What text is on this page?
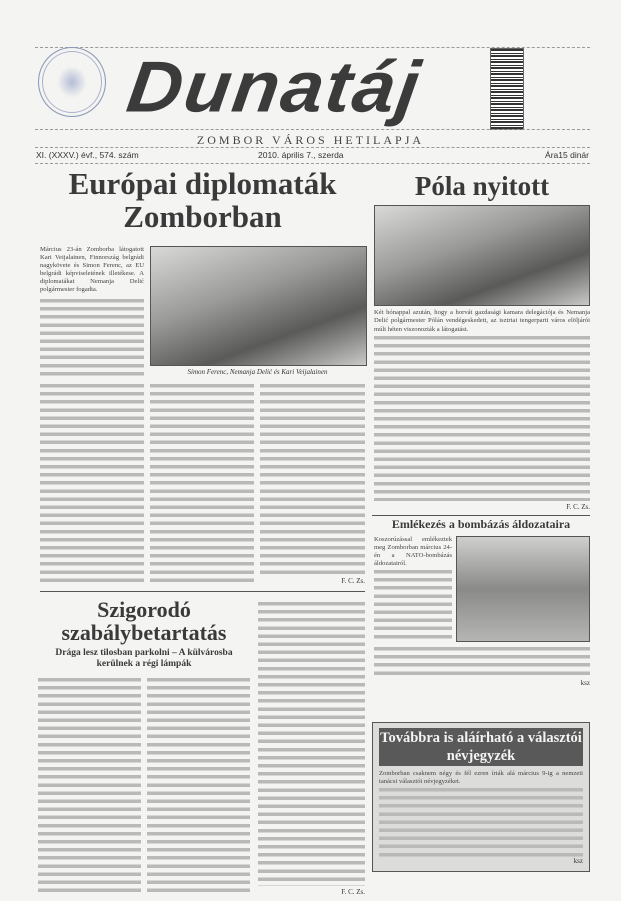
Dunatáj
ZOMBOR VÁROS HETILAPJA
XI. (XXXV.) évf., 574. szám	2010. április 7., szerda	Ára15 dinár
Európai diplomaták Zomborban
Március 23-án Zomborba látogatott Kari Veijalainen, Finnország belgrádi nagykövete és Simon Ferenc, az EU belgrádi képviseletének illetékese. A diplomatákat Nemanja Delić polgármester fogadta.
Simon Ferenc, Nemanja Delić és Kari Veijalainen
F. C. Zs.
Szigorodó szabálybetartatás
Drága lesz tilosban parkolni – A külvárosba kerülnek a régi lámpák
F. C. Zs.
Póla nyitott
Két hónappal azután, hogy a horvát gazdasági kamara delegációja és Nemanja Delić polgármester Pólán vendégeskedett, az isztriai tengerparti város elöljárói múlt héten viszonozták a látogatást.
F. C. Zs.
Emlékezés a bombázás áldozataira
Koszorúzással emlékeztek meg Zomborban március 24-én a NATO-bombázás áldozatairól.
ksz
Továbbra is aláírható a választói névjegyzék
Zomborban csaknem négy és fél ezren írták alá március 9-ig a nemzeti tanácsi választói névjegyzéket.
ksz
